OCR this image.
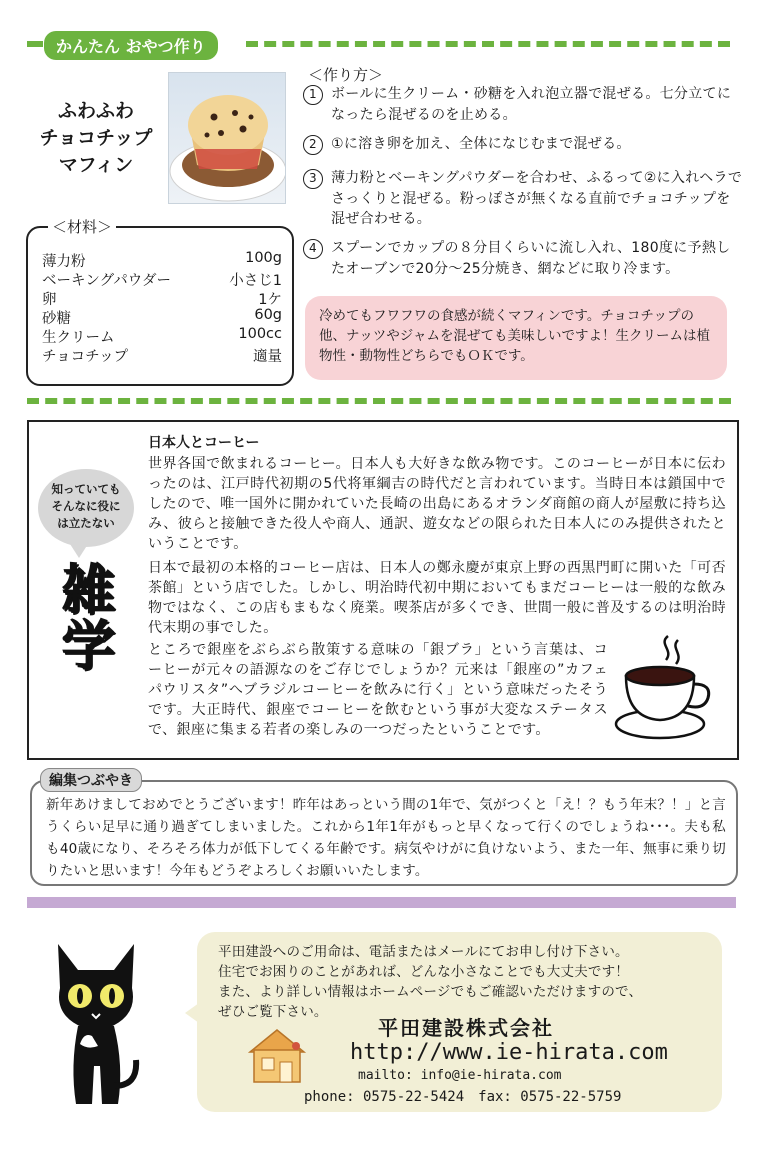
かんたん おやつ作り
ふわふわ
チョコチップ
マフィン
薄力粉	100g
ベーキングパウダー	小さじ1
卵	1ケ
砂糖	60g
生クリーム	100cc
チョコチップ	適量
＜材料＞
＜作り方＞
1 ボールに生クリーム・砂糖を入れ泡立器で混ぜる。七分立てになったら混ぜるのを止める。
2 ①に溶き卵を加え、全体になじむまで混ぜる。
3 薄力粉とベーキングパウダーを合わせ、ふるって②に入れヘラでさっくりと混ぜる。粉っぽさが無くなる直前でチョコチップを混ぜ合わせる。
4 スプーンでカップの８分目くらいに流し入れ、180度に予熱したオーブンで20分～25分焼き、網などに取り冷ます。
冷めてもフワフワの食感が続くマフィンです。チョコチップの他、ナッツやジャムを混ぜても美味しいですよ！生クリームは植物性・動物性どちらでもＯＫです。
知っていても
そんなに役に
は立たない
雑学
日本人とコーヒー
世界各国で飲まれるコーヒー。日本人も大好きな飲み物です。このコーヒーが日本に伝わったのは、江戸時代初期の5代将軍綱吉の時代だと言われています。当時日本は鎖国中でしたので、唯一国外に開かれていた長崎の出島にあるオランダ商館の商人が屋敷に持ち込み、彼らと接触できた役人や商人、通訳、遊女などの限られた日本人にのみ提供されたということです。
日本で最初の本格的コーヒー店は、日本人の鄭永慶が東京上野の西黒門町に開いた「可否茶館」という店でした。しかし、明治時代初中期においてもまだコーヒーは一般的な飲み物ではなく、この店もまもなく廃業。喫茶店が多くでき、世間一般に普及するのは明治時代末期の事でした。
ところで銀座をぶらぶら散策する意味の「銀ブラ」という言葉は、コーヒーが元々の語源なのをご存じでしょうか？元来は「銀座の”カフェ パウリスタ”へブラジルコーヒーを飲みに行く」という意味だったそうです。大正時代、銀座でコーヒーを飲むという事が大変なステータスで、銀座に集まる若者の楽しみの一つだったということです。
編集つぶやき
新年あけましておめでとうございます！昨年はあっという間の1年で、気がつくと「え！？もう年末？！」と言うくらい足早に通り過ぎてしまいました。これから1年1年がもっと早くなって行くのでしょうね･･･。夫も私も40歳になり、そろそろ体力が低下してくる年齢です。病気やけがに負けないよう、また一年、無事に乗り切りたいと思います！今年もどうぞよろしくお願いいたします。
平田建設へのご用命は、電話またはメールにてお申し付け下さい。
住宅でお困りのことがあれば、どんな小さなことでも大丈夫です！
また、より詳しい情報はホームページでもご確認いただけますので、
ぜひご覧下さい。
平田建設株式会社
http://www.ie-hirata.com
mailto: info@ie-hirata.com
phone: 0575-22-5424　fax: 0575-22-5759
